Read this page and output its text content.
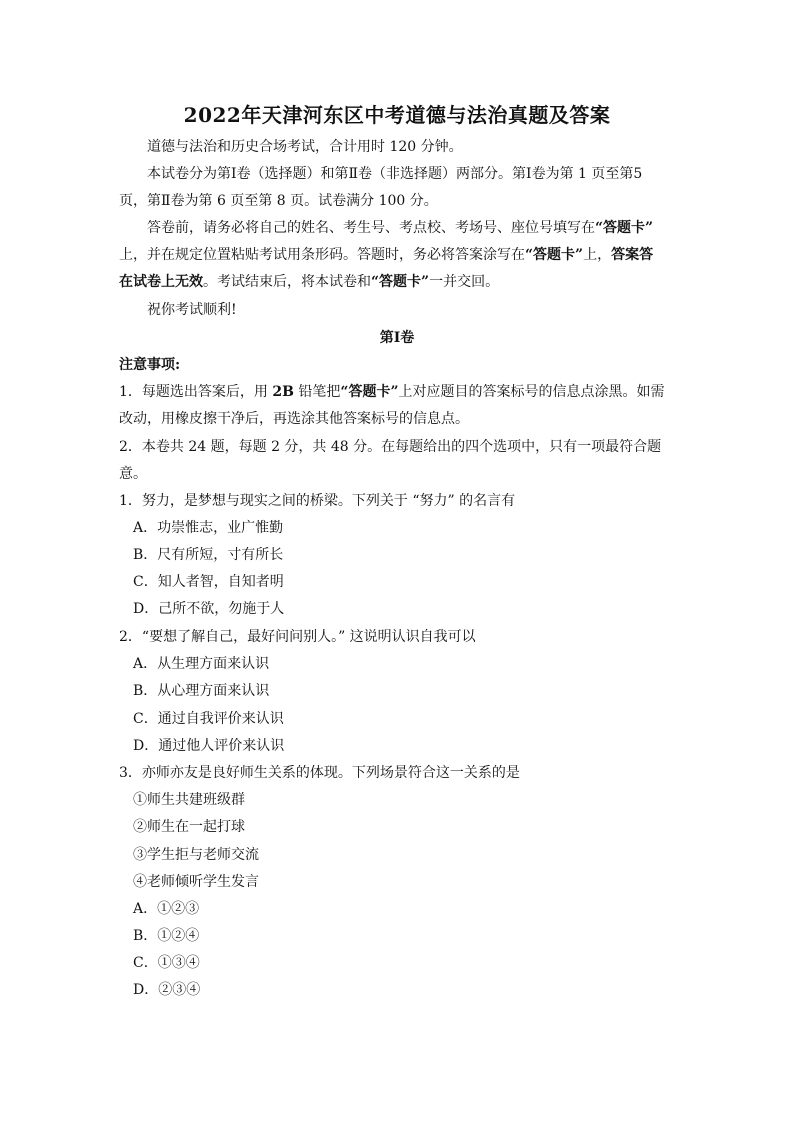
2022年天津河东区中考道德与法治真题及答案
道德与法治和历史合场考试，合计用时 120 分钟。
本试卷分为第Ⅰ卷（选择题）和第Ⅱ卷（非选择题）两部分。第Ⅰ卷为第 1 页至第5
页，第Ⅱ卷为第 6 页至第 8 页。试卷满分 100 分。
答卷前，请务必将自己的姓名、考生号、考点校、考场号、座位号填写在“答题卡”
上，并在规定位置粘贴考试用条形码。答题时，务必将答案涂写在“答题卡”上，答案答
在试卷上无效。考试结束后，将本试卷和“答题卡”一并交回。
祝你考试顺利!
第Ⅰ卷
注意事项:
1．每题选出答案后，用 2B 铅笔把“答题卡”上对应题目的答案标号的信息点涂黑。如需
改动，用橡皮擦干净后，再选涂其他答案标号的信息点。
2．本卷共 24 题，每题 2 分，共 48 分。在每题给出的四个选项中，只有一项最符合题
意。
1．努力，是梦想与现实之间的桥梁。下列关于 “努力” 的名言有
A．功崇惟志，业广惟勤
B．尺有所短，寸有所长
C．知人者智，自知者明
D．己所不欲，勿施于人
2．“要想了解自己，最好问问别人。” 这说明认识自我可以
A．从生理方面来认识
B．从心理方面来认识
C．通过自我评价来认识
D．通过他人评价来认识
3．亦师亦友是良好师生关系的体现。下列场景符合这一关系的是
①师生共建班级群
②师生在一起打球
③学生拒与老师交流
④老师倾听学生发言
A．①②③
B．①②④
C．①③④
D．②③④
